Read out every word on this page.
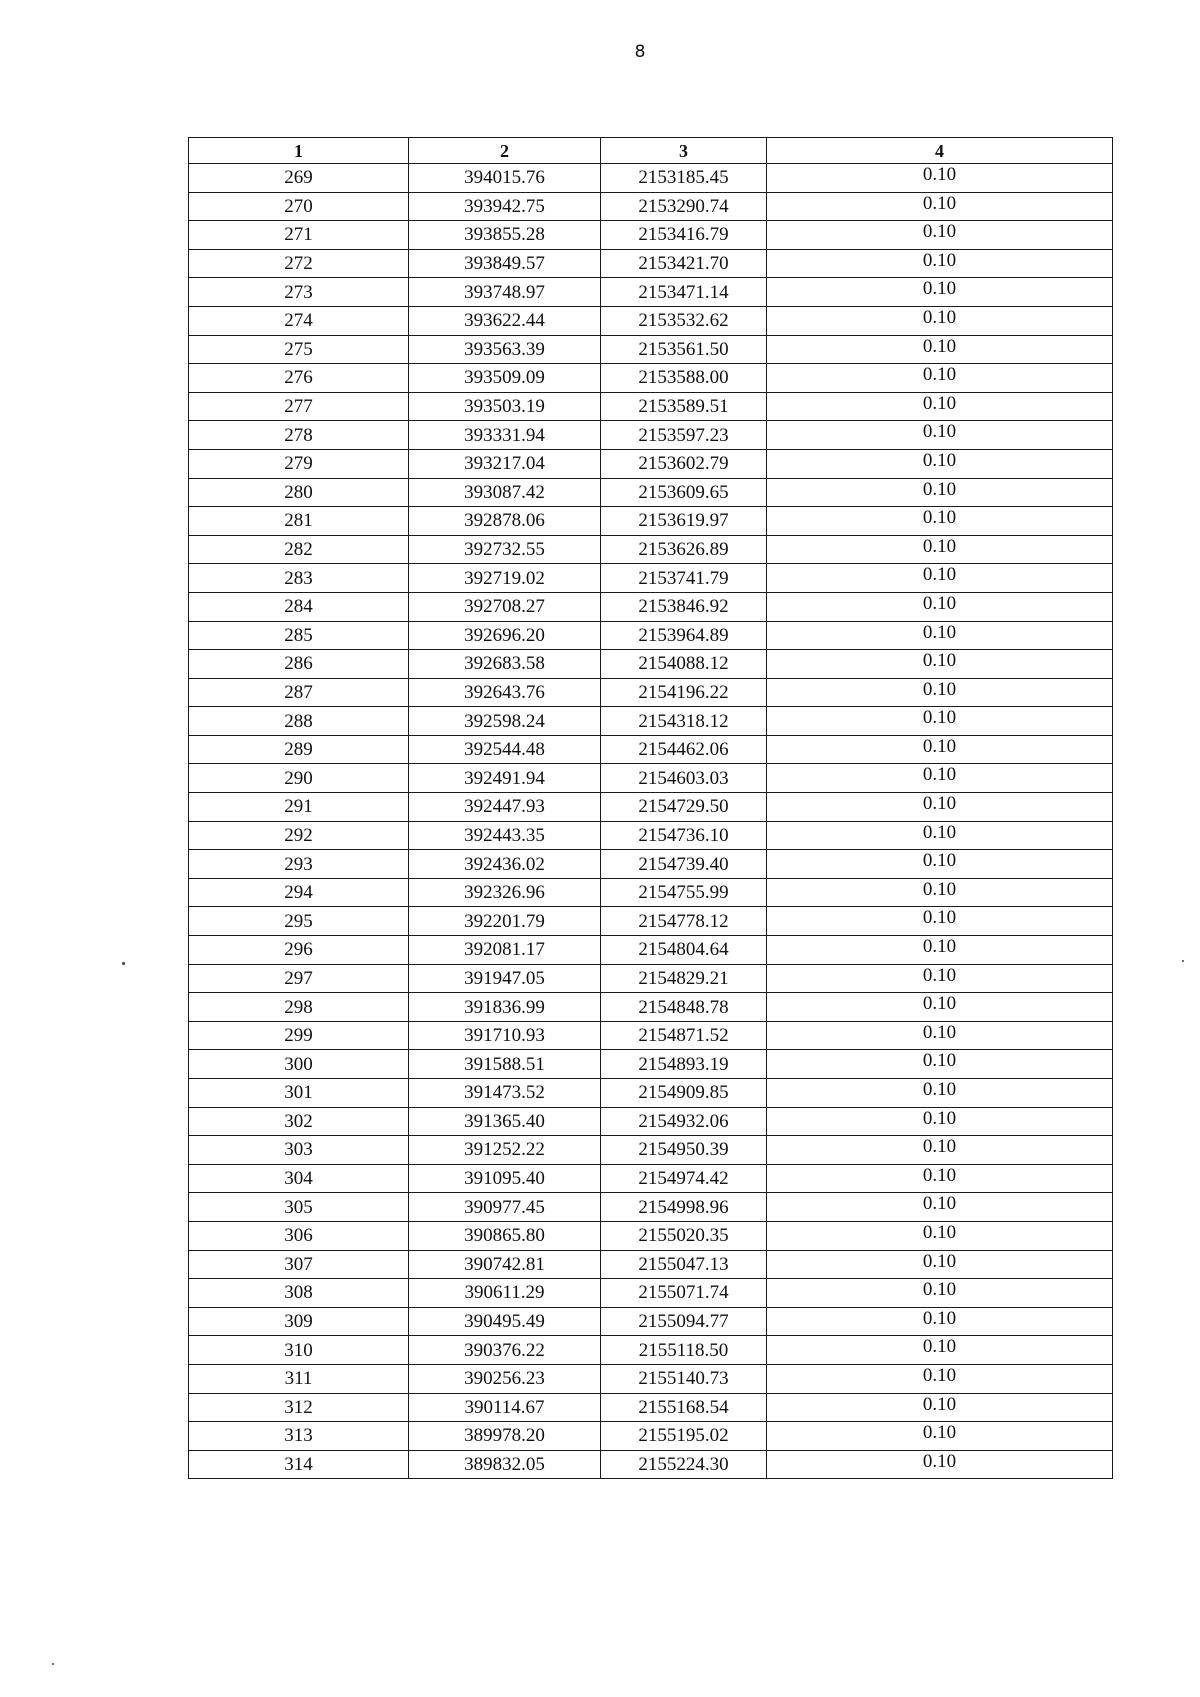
8
1	2	3	4
269	394015.76	2153185.45	0.10
270	393942.75	2153290.74	0.10
271	393855.28	2153416.79	0.10
272	393849.57	2153421.70	0.10
273	393748.97	2153471.14	0.10
274	393622.44	2153532.62	0.10
275	393563.39	2153561.50	0.10
276	393509.09	2153588.00	0.10
277	393503.19	2153589.51	0.10
278	393331.94	2153597.23	0.10
279	393217.04	2153602.79	0.10
280	393087.42	2153609.65	0.10
281	392878.06	2153619.97	0.10
282	392732.55	2153626.89	0.10
283	392719.02	2153741.79	0.10
284	392708.27	2153846.92	0.10
285	392696.20	2153964.89	0.10
286	392683.58	2154088.12	0.10
287	392643.76	2154196.22	0.10
288	392598.24	2154318.12	0.10
289	392544.48	2154462.06	0.10
290	392491.94	2154603.03	0.10
291	392447.93	2154729.50	0.10
292	392443.35	2154736.10	0.10
293	392436.02	2154739.40	0.10
294	392326.96	2154755.99	0.10
295	392201.79	2154778.12	0.10
296	392081.17	2154804.64	0.10
297	391947.05	2154829.21	0.10
298	391836.99	2154848.78	0.10
299	391710.93	2154871.52	0.10
300	391588.51	2154893.19	0.10
301	391473.52	2154909.85	0.10
302	391365.40	2154932.06	0.10
303	391252.22	2154950.39	0.10
304	391095.40	2154974.42	0.10
305	390977.45	2154998.96	0.10
306	390865.80	2155020.35	0.10
307	390742.81	2155047.13	0.10
308	390611.29	2155071.74	0.10
309	390495.49	2155094.77	0.10
310	390376.22	2155118.50	0.10
311	390256.23	2155140.73	0.10
312	390114.67	2155168.54	0.10
313	389978.20	2155195.02	0.10
314	389832.05	2155224.30	0.10
